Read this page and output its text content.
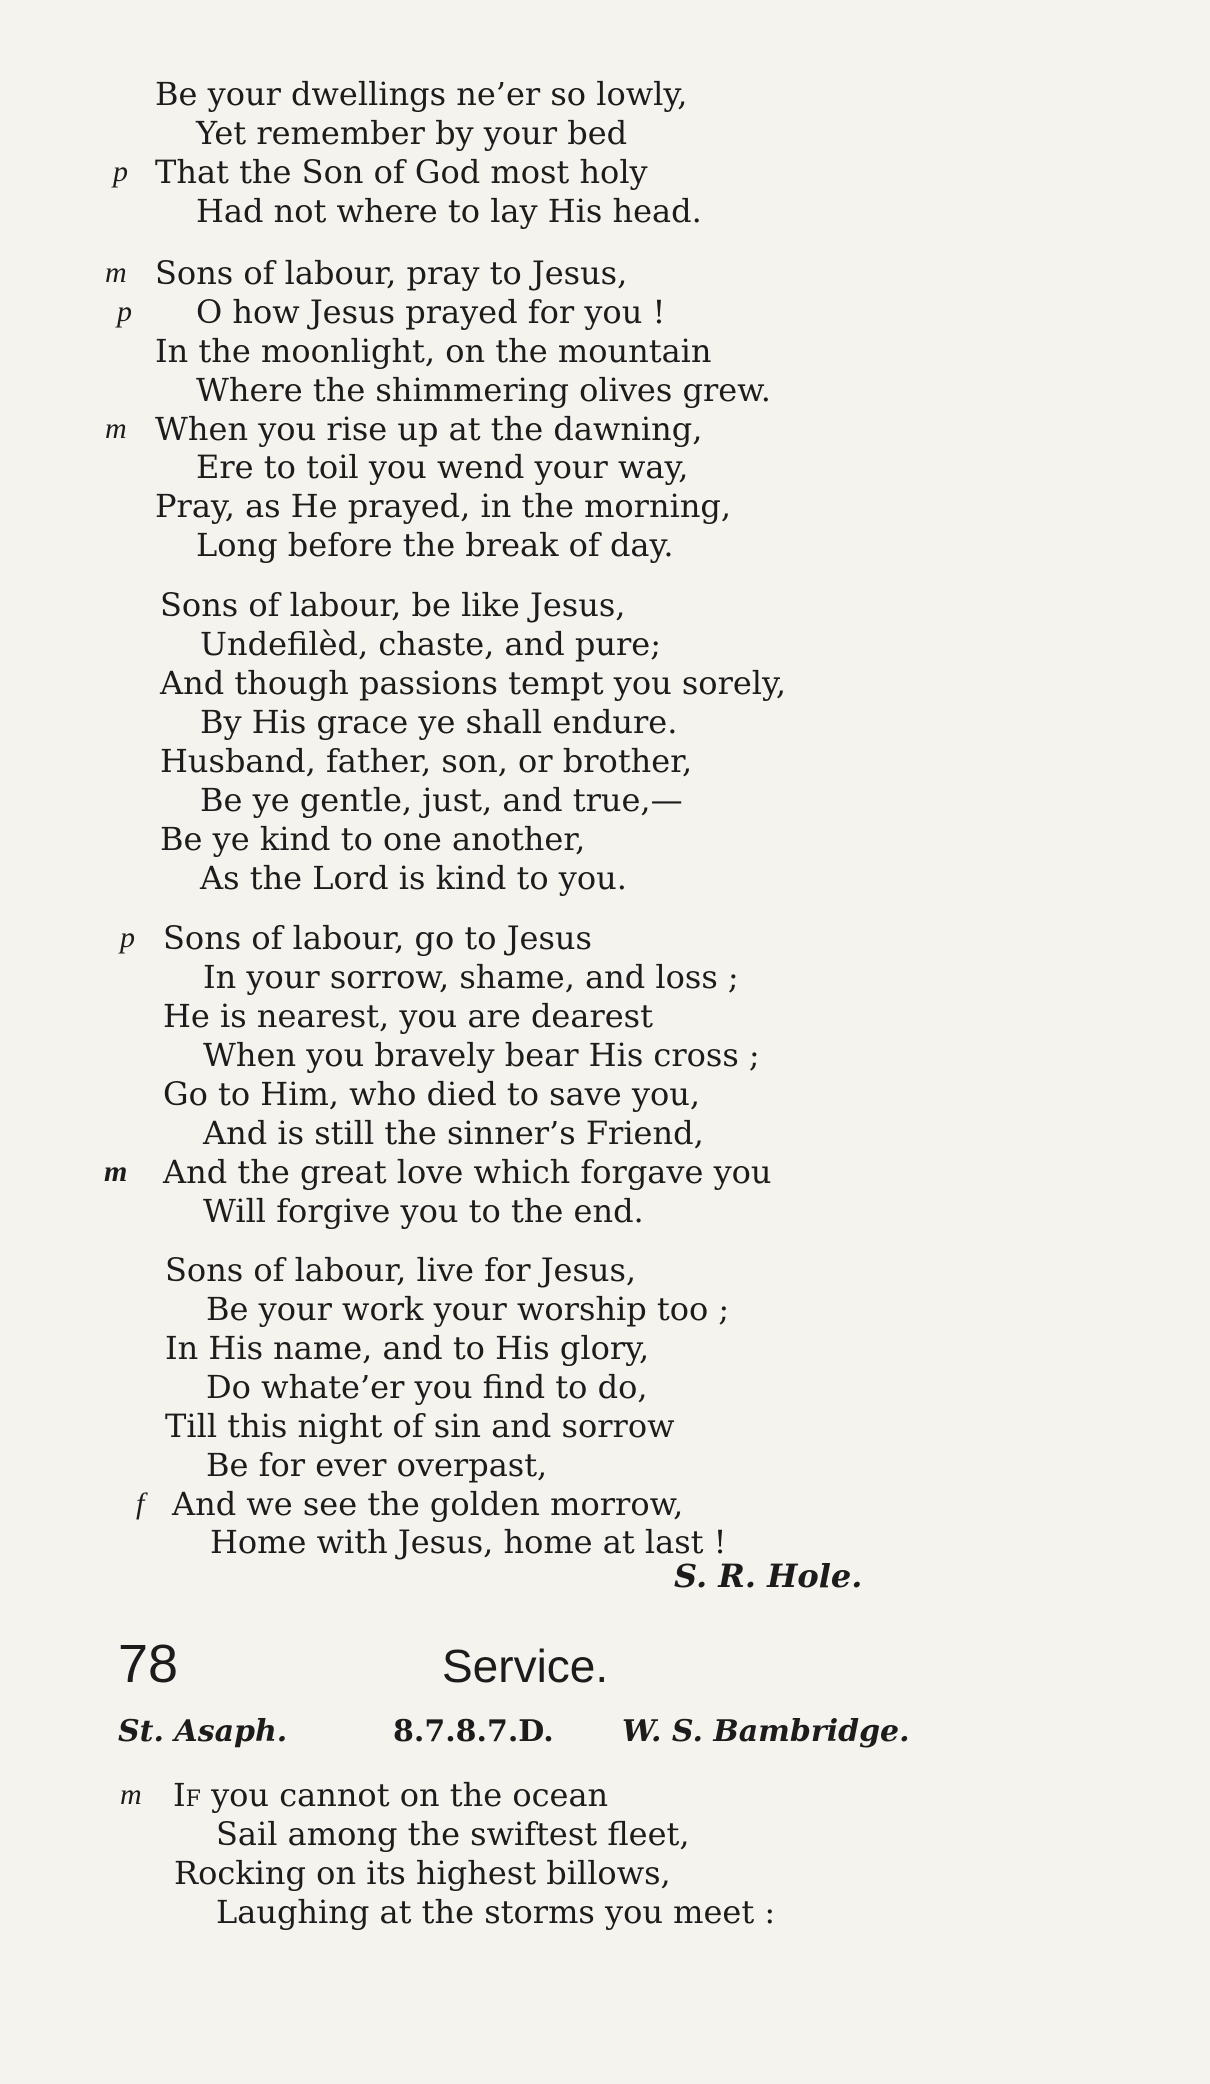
Be your dwellings ne’er so lowly,
Yet remember by your bed
p That the Son of God most holy
Had not where to lay His head.
m Sons of labour, pray to Jesus,
p O how Jesus prayed for you !
In the moonlight, on the mountain
Where the shimmering olives grew.
m When you rise up at the dawning,
Ere to toil you wend your way,
Pray, as He prayed, in the morning,
Long before the break of day.
Sons of labour, be like Jesus,
Undefilèd, chaste, and pure;
And though passions tempt you sorely,
By His grace ye shall endure.
Husband, father, son, or brother,
Be ye gentle, just, and true,—
Be ye kind to one another,
As the Lord is kind to you.
p Sons of labour, go to Jesus
In your sorrow, shame, and loss ;
He is nearest, you are dearest
When you bravely bear His cross ;
Go to Him, who died to save you,
And is still the sinner’s Friend,
m And the great love which forgave you
Will forgive you to the end.
Sons of labour, live for Jesus,
Be your work your worship too ;
In His name, and to His glory,
Do whate’er you find to do,
Till this night of sin and sorrow
Be for ever overpast,
f And we see the golden morrow,
Home with Jesus, home at last !
S. R. Hole.
78	Service.
St. Asaph.	8.7.8.7.D. W. S. Bambridge.
m If you cannot on the ocean
Sail among the swiftest fleet,
Rocking on its highest billows,
Laughing at the storms you meet :
